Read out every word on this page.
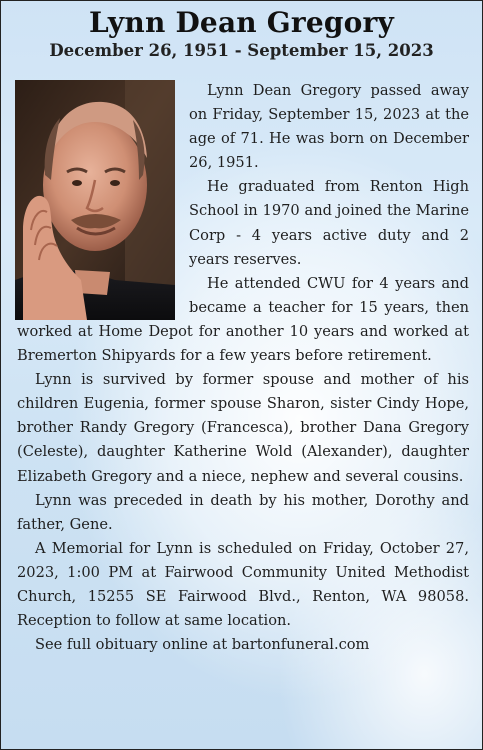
Lynn Dean Gregory
December 26, 1951 - September 15, 2023

Lynn Dean Gregory passed away on Friday, September 15, 2023 at the age of 71. He was born on December 26, 1951.

He graduated from Renton High School in 1970 and joined the Marine Corp - 4 years active duty and 2 years reserves.

He attended CWU for 4 years and became a teacher for 15 years, then worked at Home Depot for another 10 years and worked at Bremerton Shipyards for a few years before retirement.

Lynn is survived by former spouse and mother of his children Eugenia, former spouse Sharon, sister Cindy Hope, brother Randy Gregory (Francesca), brother Dana Gregory (Celeste), daughter Katherine Wold (Alexander), daughter Elizabeth Gregory and a niece, nephew and several cousins.

Lynn was preceded in death by his mother, Dorothy and father, Gene.

A Memorial for Lynn is scheduled on Friday, October 27, 2023, 1:00 PM at Fairwood Community United Methodist Church, 15255 SE Fairwood Blvd., Renton, WA 98058. Reception to follow at same location.

See full obituary online at bartonfuneral.com
